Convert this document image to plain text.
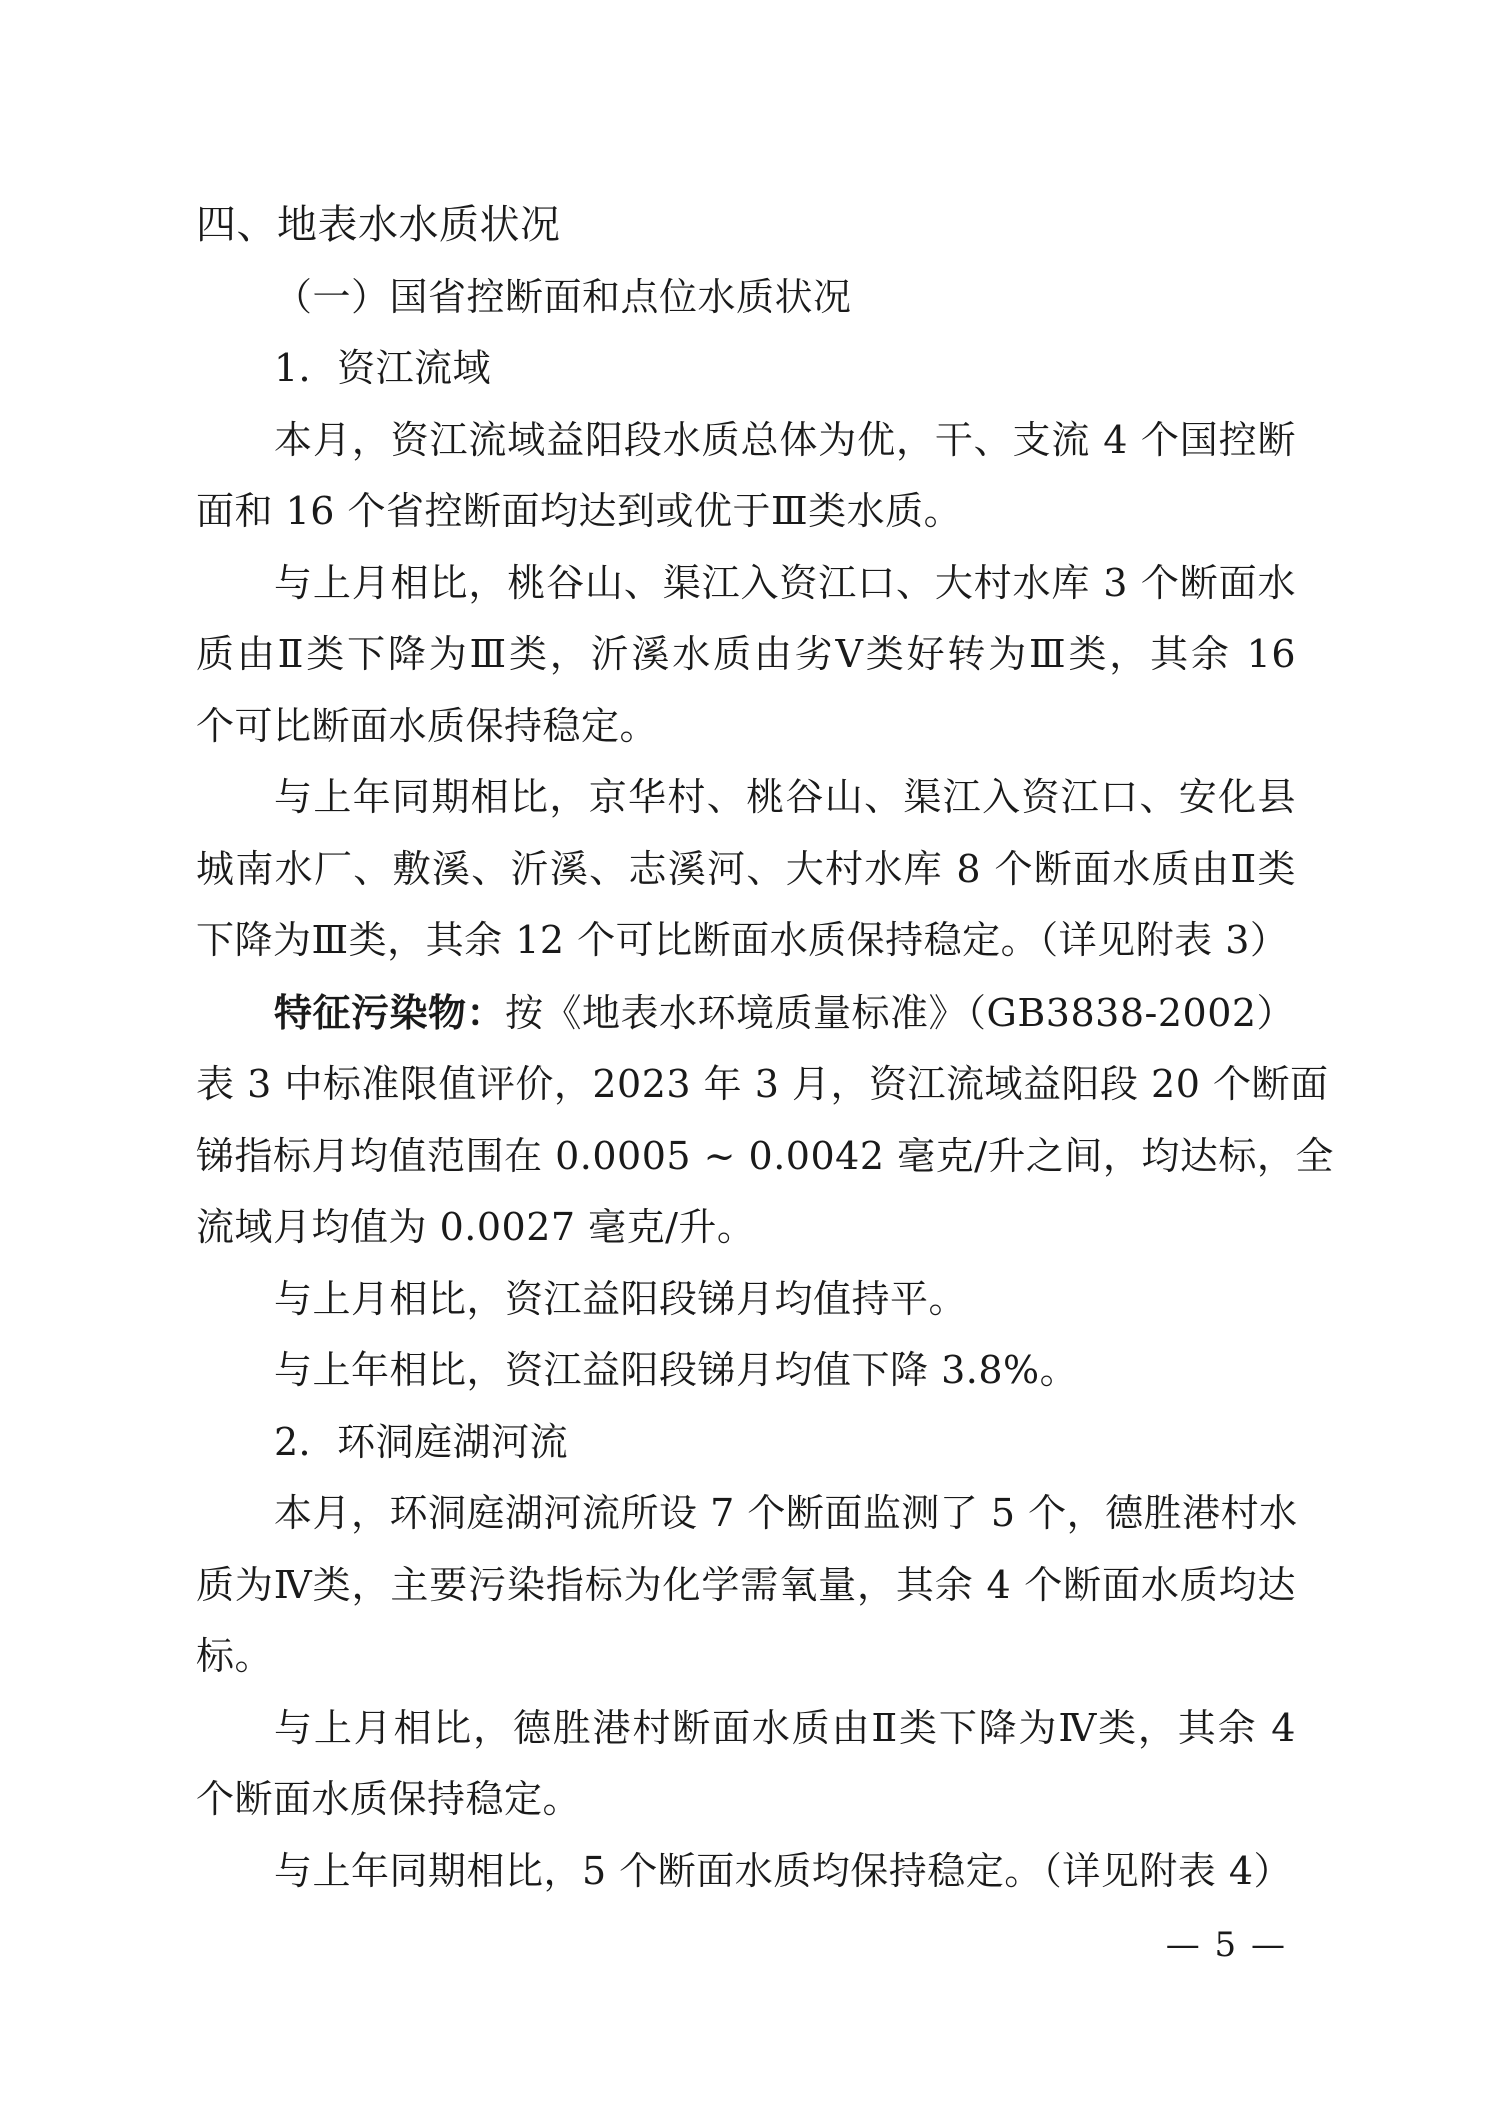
四、地表水水质状况
（一）国省控断面和点位水质状况
1．资江流域
本月，资江流域益阳段水质总体为优，干、支流 4 个国控断
面和 16 个省控断面均达到或优于Ⅲ类水质。
与上月相比，桃谷山、渠江入资江口、大村水库 3 个断面水
质由Ⅱ类下降为Ⅲ类，沂溪水质由劣Ⅴ类好转为Ⅲ类，其余 16
个可比断面水质保持稳定。
与上年同期相比，京华村、桃谷山、渠江入资江口、安化县
城南水厂、敷溪、沂溪、志溪河、大村水库 8 个断面水质由Ⅱ类
下降为Ⅲ类，其余 12 个可比断面水质保持稳定。（详见附表 3）
特征污染物：按《地表水环境质量标准》（GB3838-2002）
表 3 中标准限值评价，2023 年 3 月，资江流域益阳段 20 个断面
锑指标月均值范围在 0.0005 ~ 0.0042 毫克/升之间，均达标，全
流域月均值为 0.0027 毫克/升。
与上月相比，资江益阳段锑月均值持平。
与上年相比，资江益阳段锑月均值下降 3.8%。
2．环洞庭湖河流
本月，环洞庭湖河流所设 7 个断面监测了 5 个，德胜港村水
质为Ⅳ类，主要污染指标为化学需氧量，其余 4 个断面水质均达
标。
与上月相比，德胜港村断面水质由Ⅱ类下降为Ⅳ类，其余 4
个断面水质保持稳定。
与上年同期相比，5 个断面水质均保持稳定。（详见附表 4）
— 5 —
